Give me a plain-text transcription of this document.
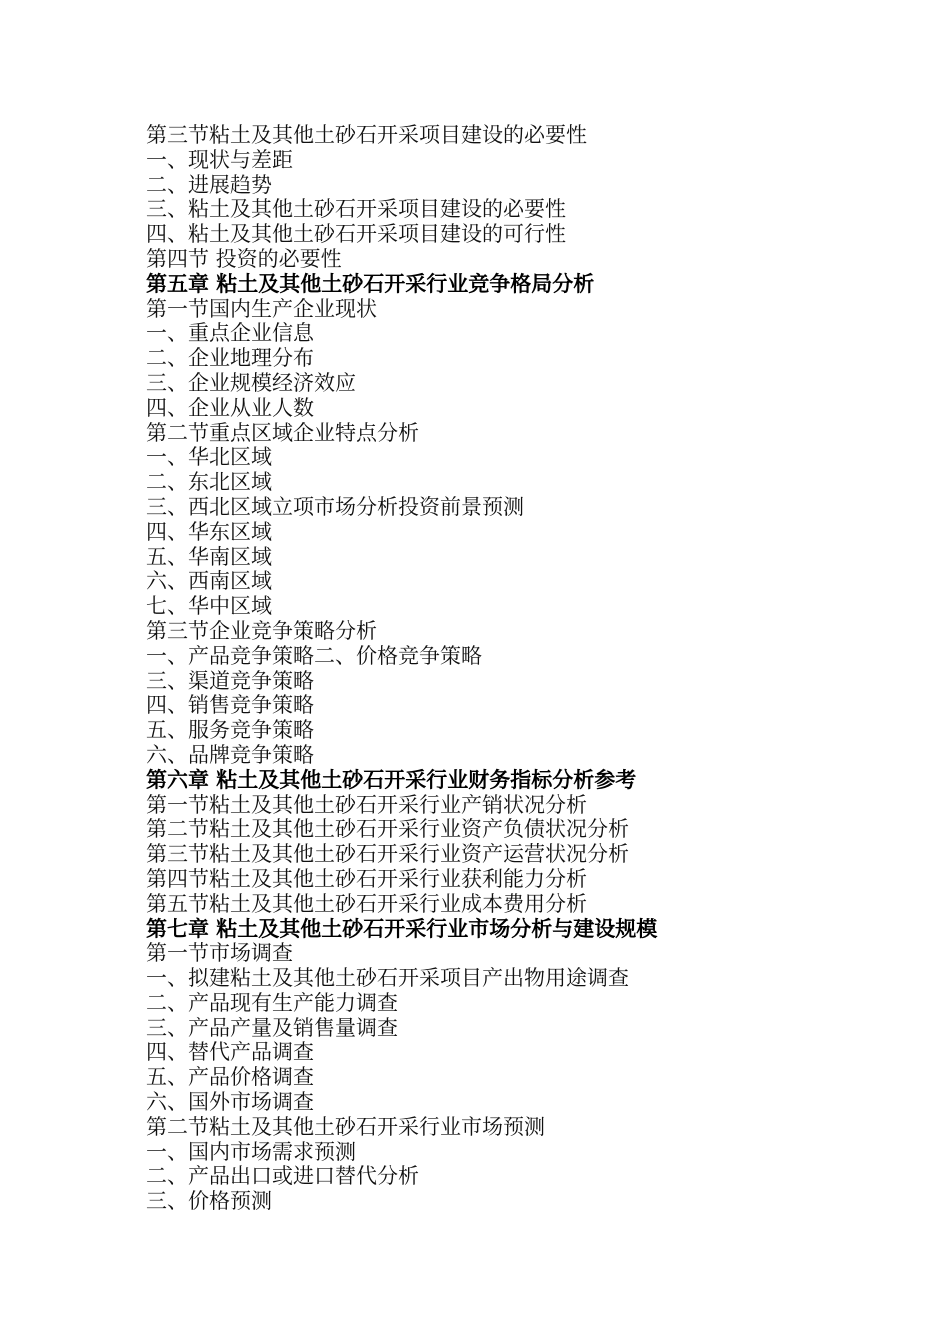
第三节粘土及其他土砂石开采项目建设的必要性
一、现状与差距
二、进展趋势
三、粘土及其他土砂石开采项目建设的必要性
四、粘土及其他土砂石开采项目建设的可行性
第四节 投资的必要性
第五章 粘土及其他土砂石开采行业竞争格局分析
第一节国内生产企业现状
一、重点企业信息
二、企业地理分布
三、企业规模经济效应
四、企业从业人数
第二节重点区域企业特点分析
一、华北区域
二、东北区域
三、西北区域立项市场分析投资前景预测
四、华东区域
五、华南区域
六、西南区域
七、华中区域
第三节企业竞争策略分析
一、产品竞争策略二、价格竞争策略
三、渠道竞争策略
四、销售竞争策略
五、服务竞争策略
六、品牌竞争策略
第六章 粘土及其他土砂石开采行业财务指标分析参考
第一节粘土及其他土砂石开采行业产销状况分析
第二节粘土及其他土砂石开采行业资产负债状况分析
第三节粘土及其他土砂石开采行业资产运营状况分析
第四节粘土及其他土砂石开采行业获利能力分析
第五节粘土及其他土砂石开采行业成本费用分析
第七章 粘土及其他土砂石开采行业市场分析与建设规模
第一节市场调查
一、拟建粘土及其他土砂石开采项目产出物用途调查
二、产品现有生产能力调查
三、产品产量及销售量调查
四、替代产品调查
五、产品价格调查
六、国外市场调查
第二节粘土及其他土砂石开采行业市场预测
一、国内市场需求预测
二、产品出口或进口替代分析
三、价格预测
